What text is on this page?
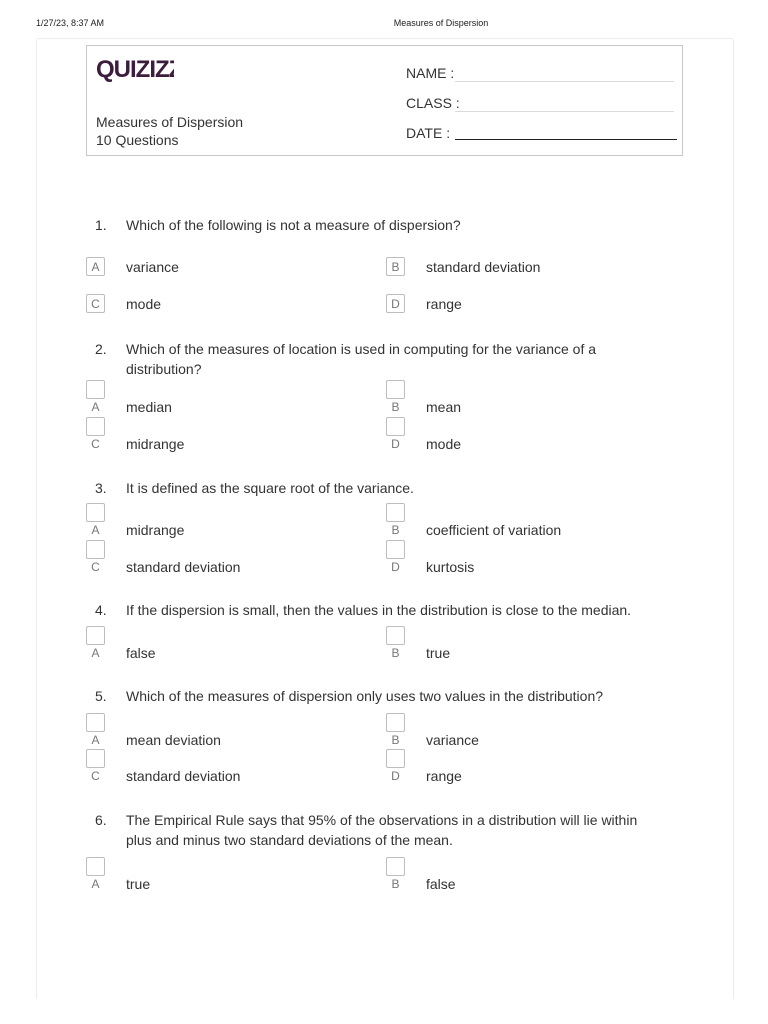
1/27/23, 8:37 AM	Measures of Dispersion
QUIZIZZ
Measures of Dispersion
10 Questions
NAME :
CLASS :
DATE :
1. Which of the following is not a measure of dispersion?
A	variance	B	standard deviation
C	mode	D	range
2. Which of the measures of location is used in computing for the variance of a distribution?
A	median	B	mean
C	midrange	D	mode
3. It is defined as the square root of the variance.
A	midrange	B	coefficient of variation
C	standard deviation	D	kurtosis
4. If the dispersion is small, then the values in the distribution is close to the median.
A	false	B	true
5. Which of the measures of dispersion only uses two values in the distribution?
A	mean deviation	B	variance
C	standard deviation	D	range
6. The Empirical Rule says that 95% of the observations in a distribution will lie within plus and minus two standard deviations of the mean.
A	true	B	false
